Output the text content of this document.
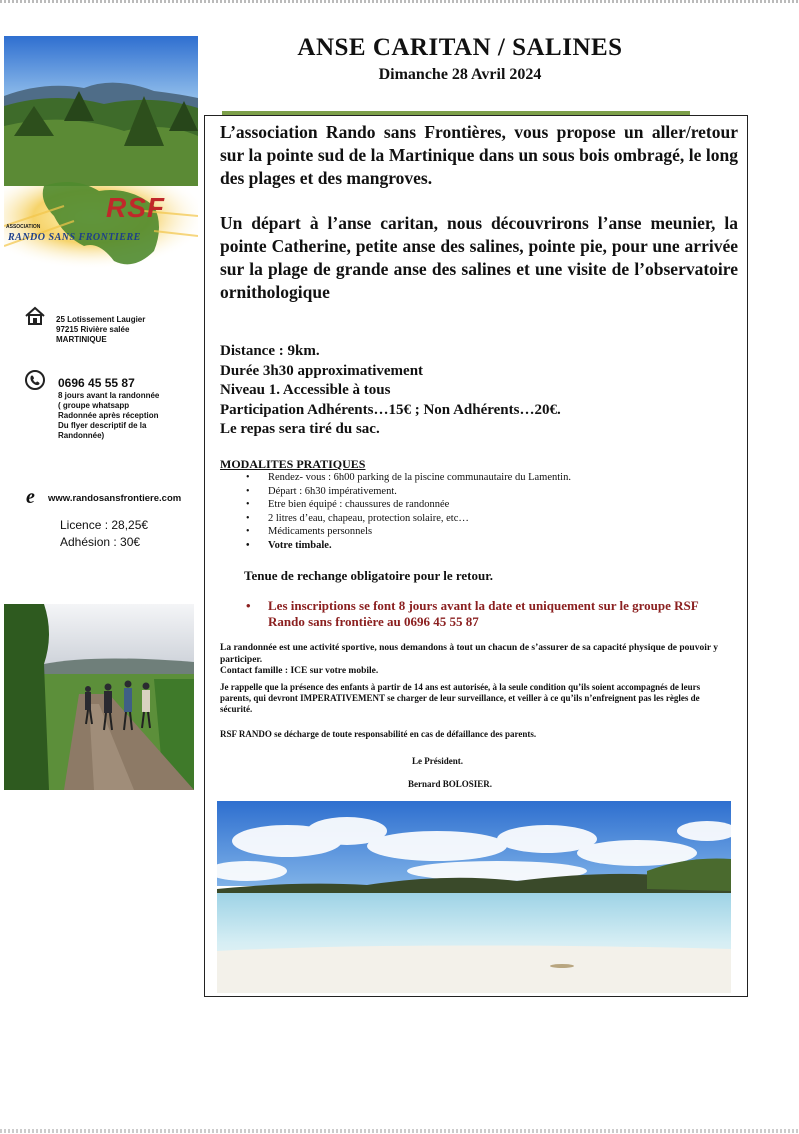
ASSOCIATION
RSF
RANDO SANS FRONTIERE
25 Lotissement Laugier
97215 Rivière salée
MARTINIQUE
0696 45 55 87
8 jours avant la randonnée
( groupe whatsapp
Radonnée après réception
Du flyer descriptif de la
Randonnée)
e www.randosansfrontiere.com
Licence : 28,25€
Adhésion : 30€
ANSE CARITAN / SALINES
Dimanche 28 Avril 2024
L’association Rando sans Frontières, vous propose un aller/retour sur la pointe sud de la Martinique dans un sous bois ombragé, le long des plages et des mangroves.
Un départ à l’anse caritan, nous découvrirons l’anse meunier, la pointe Catherine, petite anse des salines, pointe pie, pour une arrivée sur la plage de grande anse des salines et une visite de l’observatoire ornithologique
Distance : 9km.
Durée 3h30 approximativement
Niveau 1. Accessible à tous
Participation Adhérents…15€ ; Non Adhérents…20€.
Le repas sera tiré du sac.
MODALITES PRATIQUES
• Rendez- vous : 6h00 parking de la piscine communautaire du Lamentin.
• Départ : 6h30 impérativement.
• Etre bien équipé : chaussures de randonnée
• 2 litres d’eau, chapeau, protection solaire, etc…
• Médicaments personnels
• Votre timbale.
Tenue de rechange obligatoire pour le retour.
•	Les inscriptions se font 8 jours avant la date et uniquement sur le groupe RSF Rando sans frontière au 0696 45 55 87
La randonnée est une activité sportive, nous demandons à tout un chacun de s’assurer de sa capacité physique de pouvoir y participer.
Contact famille : ICE sur votre mobile.
Je rappelle que la présence des enfants à partir de 14 ans est autorisée, à la seule condition qu’ils soient accompagnés de leurs parents, qui devront IMPERATIVEMENT se charger de leur surveillance, et veiller à ce qu’ils n’enfreignent pas les règles de sécurité.
RSF RANDO se décharge de toute responsabilité en cas de défaillance des parents.
Le Président.
Bernard BOLOSIER.
